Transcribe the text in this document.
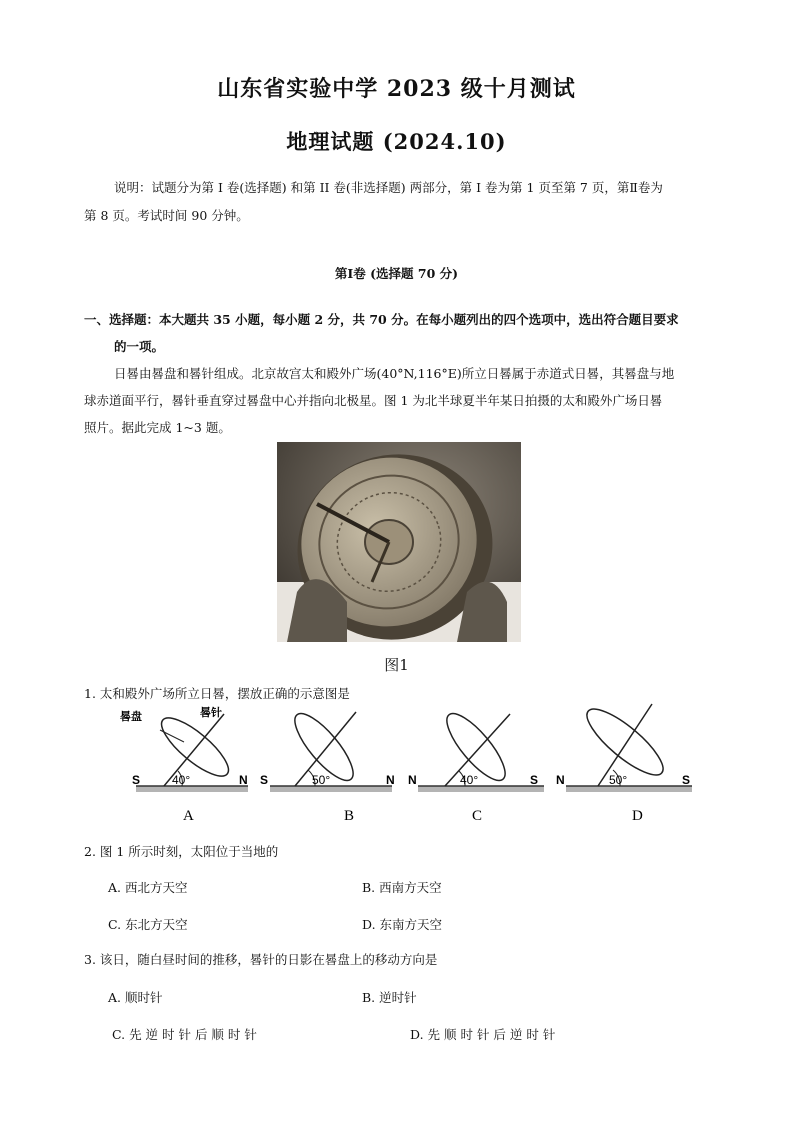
山东省实验中学 2023 级十月测试
地理试题 (2024.10)
说明：试题分为第 I 卷(选择题) 和第 II 卷(非选择题) 两部分，第 I 卷为第 1 页至第 7 页，第Ⅱ卷为
第 8 页。考试时间 90 分钟。
第Ⅰ卷 (选择题 70 分)
一、选择题：本大题共 35 小题，每小题 2 分，共 70 分。在每小题列出的四个选项中，选出符合题目要求
的一项。
日晷由晷盘和晷针组成。北京故宫太和殿外广场(40°N,116°E)所立日晷属于赤道式日晷，其晷盘与地
球赤道面平行，晷针垂直穿过晷盘中心并指向北极星。图 1 为北半球夏半年某日拍摄的太和殿外广场日晷
照片。据此完成 1~3 题。
图1
1. 太和殿外广场所立日晷，摆放正确的示意图是
S	N
40°
晷盘	晷针
A
S	N
50°
B
N	S
40°
C
N	S
50°
D
2. 图 1 所示时刻，太阳位于当地的
A. 西北方天空	B. 西南方天空
C. 东北方天空	D. 东南方天空
3. 该日，随白昼时间的推移，晷针的日影在晷盘上的移动方向是
A. 顺时针	B. 逆时针
C. 先 逆 时 针 后 顺 时 针	D. 先 顺 时 针 后 逆 时 针
